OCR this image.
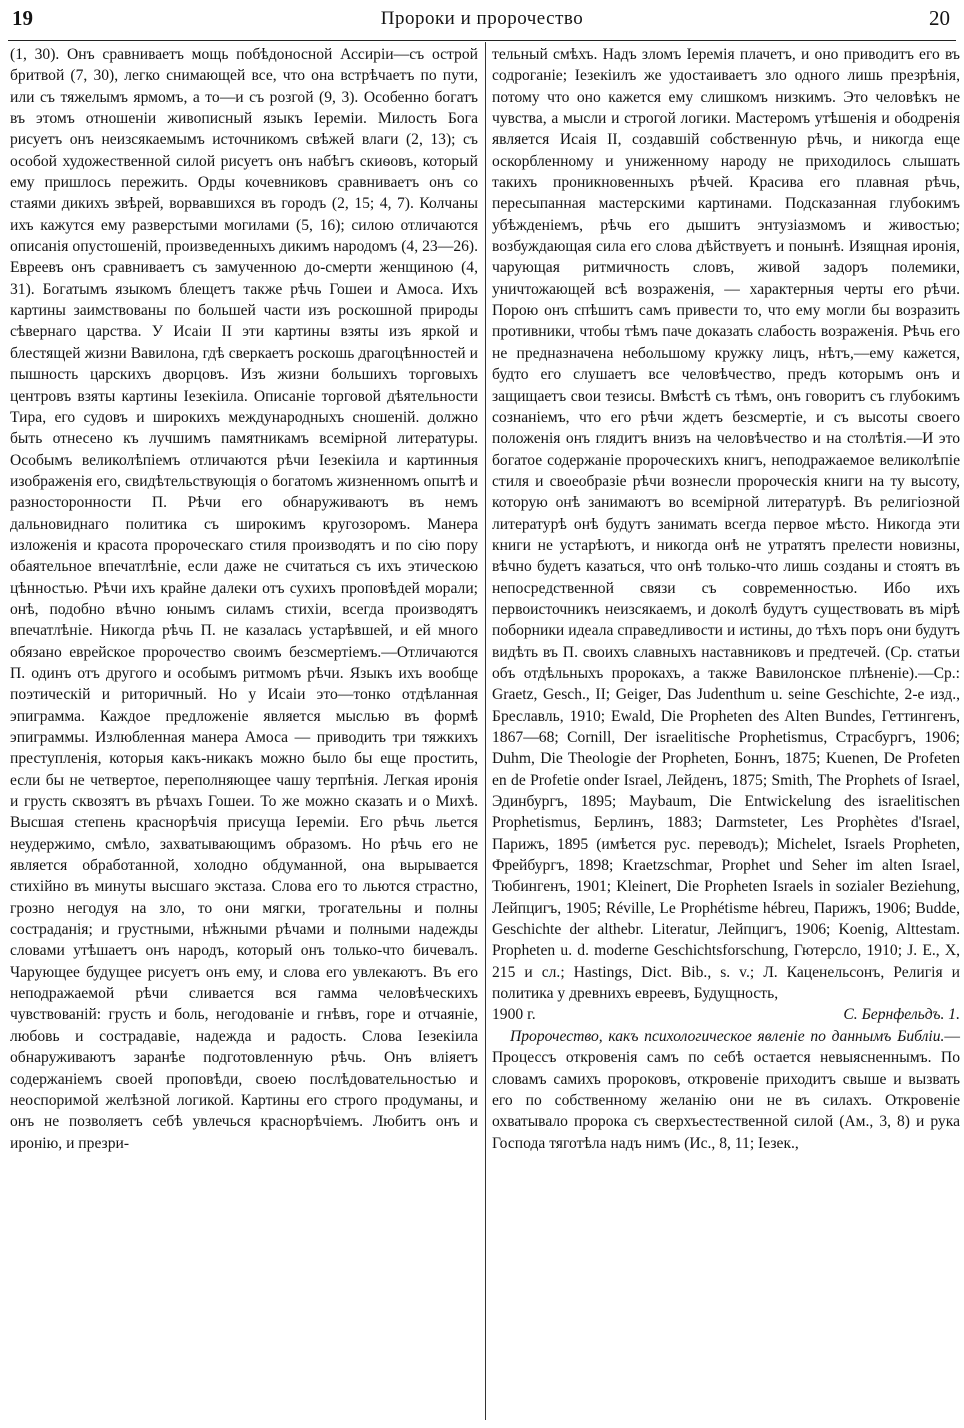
19	Пророки и пророчество	20

(1, 30). Онъ сравниваетъ мощь побѣдоносной Ассиріи—съ острой бритвой (7, 30), легко снимающей все, что она встрѣчаетъ по пути, или съ тяжелымъ ярмомъ, а то—и съ розгой (9, 3). Особенно богатъ въ этомъ отношеніи живописный языкъ Іереміи. Милость Бога рисуетъ онъ неизсякаемымъ источникомъ свѣжей влаги (2, 13); съ особой художественной силой рисуетъ онъ набѣгъ скиѳовъ, который ему пришлось пережить. Орды кочевниковъ сравниваетъ онъ со стаями дикихъ звѣрей, ворвавшихся въ городъ (2, 15; 4, 7). Колчаны ихъ кажутся ему разверстыми могилами (5, 16); силою отличаются описанія опустошеній, произведенныхъ дикимъ народомъ (4, 23—26). Евреевъ онъ сравниваетъ съ замученною до-смерти женщиною (4, 31). Богатымъ языкомъ блещетъ также рѣчь Гошеи и Амоса. Ихъ картины заимствованы по большей части изъ роскошной природы сѣвернаго царства. У Исаіи II эти картины взяты изъ яркой и блестящей жизни Вавилона, гдѣ сверкаетъ роскошь драгоцѣнностей и пышность царскихъ дворцовъ. Изъ жизни большихъ торговыхъ центровъ взяты картины Іезекіила. Описаніе торговой дѣятельности Тира, его судовъ и широкихъ международныхъ сношеній. должно быть отнесено къ лучшимъ памятникамъ всемірной литературы. Особымъ великолѣпіемъ отличаются рѣчи Іезекіила и картинныя изображенія его, свидѣтельствующія о богатомъ жизненномъ опытѣ и разносторонности П. Рѣчи его обнаруживаютъ въ немъ дальновиднаго политика съ широкимъ кругозоромъ. Манера изложенія и красота пророческаго стиля производятъ и по сію пору обаятельное впечатлѣніе, если даже не считаться съ ихъ этическою цѣнностью. Рѣчи ихъ крайне далеки отъ сухихъ проповѣдей морали; онѣ, подобно вѣчно юнымъ силамъ стихіи, всегда производятъ впечатлѣніе. Никогда рѣчь П. не казалась устарѣвшей, и ей много обязано еврейское пророчество своимъ безсмертіемъ.—Отличаются П. одинъ отъ другого и особымъ ритмомъ рѣчи. Языкъ ихъ вообще поэтическій и риторичный. Но у Исаіи это—тонко отдѣланная эпиграмма. Каждое предложеніе является мыслью въ формѣ эпиграммы. Излюбленная манера Амоса — приводить три тяжкихъ преступленія, которыя какъ-никакъ можно было бы еще простить, если бы не четвертое, переполняющее чашу терпѣнія. Легкая иронія и грусть сквозятъ въ рѣчахъ Гошеи. То же можно сказать и о Михѣ. Высшая степень краснорѣчія присуща Іереміи. Его рѣчь льется неудержимо, смѣло, захватывающимъ образомъ. Но рѣчь его не является обработанной, холодно обдуманной, она вырывается стихійно въ минуты высшаго экстаза. Слова его то льются страстно, грозно негодуя на зло, то они мягки, трогательны и полны состраданія; и грустными, нѣжными рѣчами и полными надежды словами утѣшаетъ онъ народъ, который онъ только-что бичевалъ. Чарующее будущее рисуетъ онъ ему, и слова его увлекаютъ. Въ его неподражаемой рѣчи сливается вся гамма человѣческихъ чувствованій: грусть и боль, негодованіе и гнѣвъ, горе и отчаяніе, любовь и сострадавіе, надежда и радость. Слова Іезекіила обнаруживаютъ заранѣе подготовленную рѣчь. Онъ вліяетъ содержаніемъ своей проповѣди, своею послѣдовательностью и неоспоримой желѣзной логикой. Картины его строго продуманы, и онъ не позволяетъ себѣ увлечься краснорѣчіемъ. Любитъ онъ и иронію, и презри-

тельный смѣхъ. Надъ зломъ Іеремія плачетъ, и оно приводитъ его въ содроганіе; Іезекіилъ же удостаиваетъ зло одного лишь презрѣнія, потому что оно кажется ему слишкомъ низкимъ. Это человѣкъ не чувства, а мысли и строгой логики. Мастеромъ утѣшенія и ободренія является Исаія II, создавшій собственную рѣчь, и никогда еще оскорбленному и униженному народу не приходилось слышать такихъ проникновенныхъ рѣчей. Красива его плавная рѣчь, пересыпанная мастерскими картинами. Подсказанная глубокимъ убѣжденіемъ, рѣчь его дышитъ энтузіазмомъ и живостью; возбуждающая сила его слова дѣйствуетъ и понынѣ. Изящная иронія, чарующая ритмичность словъ, живой задоръ полемики, уничтожающей всѣ возраженія, — характерныя черты его рѣчи. Порою онъ спѣшитъ самъ привести то, что ему могли бы возразить противники, чтобы тѣмъ паче доказать слабость возраженія. Рѣчь его не предназначена небольшому кружку лицъ, нѣтъ,—ему кажется, будто его слушаетъ все человѣчество, предъ которымъ онъ и защищаетъ свои тезисы. Вмѣстѣ съ тѣмъ, онъ говоритъ съ глубокимъ сознаніемъ, что его рѣчи ждетъ безсмертіе, и съ высоты своего положенія онъ глядитъ внизъ на человѣчество и на столѣтія.—И это богатое содержаніе пророческихъ книгъ, неподражаемое великолѣпіе стиля и своеобразіе рѣчи вознесли пророческія книги на ту высоту, которую онѣ занимаютъ во всемірной литературѣ. Въ религіозной литературѣ онѣ будутъ занимать всегда первое мѣсто. Никогда эти книги не устарѣютъ, и никогда онѣ не утратятъ прелести новизны, вѣчно будетъ казаться, что онѣ только-что лишь созданы и стоятъ въ непосредственной связи съ современностью. Ибо ихъ первоисточникъ неизсякаемъ, и доколѣ будутъ существовать въ мірѣ поборники идеала справедливости и истины, до тѣхъ поръ они будутъ видѣть въ П. своихъ славныхъ наставниковъ и предтечей. (Ср. статьи объ отдѣльныхъ пророкахъ, а также Вавилонское плѣненіе).—Ср.: Graetz, Gesch., II; Geiger, Das Judenthum u. seine Geschichte, 2-е изд., Бреславль, 1910; Ewald, Die Propheten des Alten Bundes, Геттингенъ, 1867—68; Cornill, Der israelitische Prophetismus, Страсбургъ, 1906; Duhm, Die Theologie der Propheten, Боннъ, 1875; Kuenen, De Profeten en de Profetie onder Israel, Лейденъ, 1875; Smith, The Prophets of Israel, Эдинбургъ, 1895; Maybaum, Die Entwickelung des israelitischen Prophetismus, Берлинъ, 1883; Darmsteter, Les Prophètes d'Israel, Парижъ, 1895 (имѣется рус. переводъ); Michelet, Israels Propheten, Фрейбургъ, 1898; Kraetzschmar, Prophet und Seher im alten Israel, Тюбингенъ, 1901; Kleinert, Die Propheten Israels in sozialer Beziehung, Лейпцигъ, 1905; Réville, Le Prophétisme hébreu, Парижъ, 1906; Budde, Geschichte der althebr. Literatur, Лейпцигъ, 1906; Koenig, Alttestam. Propheten u. d. moderne Geschichtsforschung, Гютерсло, 1910; J. E., X, 215 и сл.; Hastings, Dict. Bib., s. v.; Л. Каценельсонъ, Религія и политика у древнихъ евреевъ, Будущность,

1900 г.	С. Бернфельдъ. 1.

Пророчество, какъ психологическое явленіе по даннымъ Библіи.—Процессъ откровенія самъ по себѣ остается невыясненнымъ. По словамъ самихъ пророковъ, откровеніе приходитъ свыше и вызвать его по собственному желанію они не въ силахъ. Откровеніе охватывало пророка съ сверхъестественной силой (Ам., 3, 8) и рука Господа тяготѣла надъ нимъ (Ис., 8, 11; Іезек.,
